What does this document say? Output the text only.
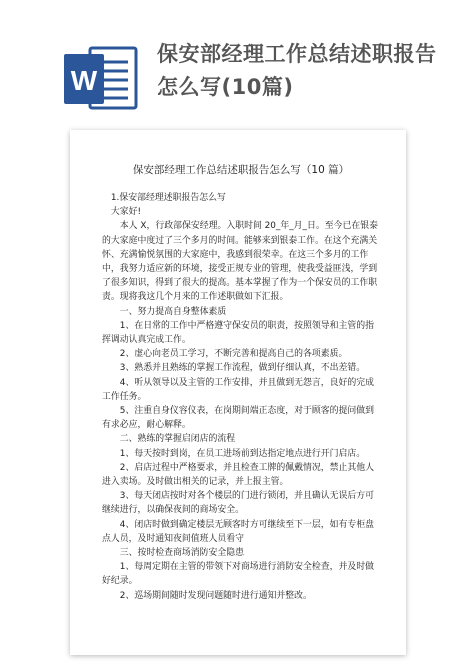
W
保安部经理工作总结述职报告怎么写(10篇)
保安部经理工作总结述职报告怎么写（10 篇）

1.保安部经理述职报告怎么写

大家好!

本人 X，行政部保安经理。入职时间 20_年_月_日。至今已在银泰的大家庭中度过了三个多月的时间。能够来到银泰工作。在这个充满关怀、充满愉悦氛围的大家庭中，我感到很荣幸。在这三个多月的工作中，我努力适应新的环境，接受正规专业的管理，使我受益匪浅，学到了很多知识，得到了很大的提高。基本掌握了作为一个保安员的工作职责。现将我这几个月来的工作述职做如下汇报。

一、努力提高自身整体素质

1、在日常的工作中严格遵守保安员的职责，按照领导和主管的指挥调动认真完成工作。

2、虚心向老员工学习，不断完善和提高自己的各项素质。

3、熟悉并且熟练的掌握工作流程，做到仔细认真，不出差错。

4、听从领导以及主管的工作安排，并且做到无怨言，良好的完成工作任务。

5、注重自身仪容仪表，在岗期间端正态度，对于顾客的提问做到有求必应，耐心解释。

二、熟练的掌握启闭店的流程

1、每天按时到岗，在员工进场前到达指定地点进行开门启店。

2、启店过程中严格要求，并且检查工牌的佩戴情况，禁止其他人进入卖场。及时做出相关的记录，并上报主管。

3、每天闭店按时对各个楼层的门进行锁闭，并且确认无误后方可继续进行，以确保夜间的商场安全。

4、闭店时做到确定楼层无顾客时方可继续至下一层，如有专柜盘点人员，及时通知夜间值班人员看守

三、按时检查商场消防安全隐患

1、每周定期在主管的带领下对商场进行消防安全检查，并及时做好纪录。

2、巡场期间随时发现问题随时进行通知并整改。
